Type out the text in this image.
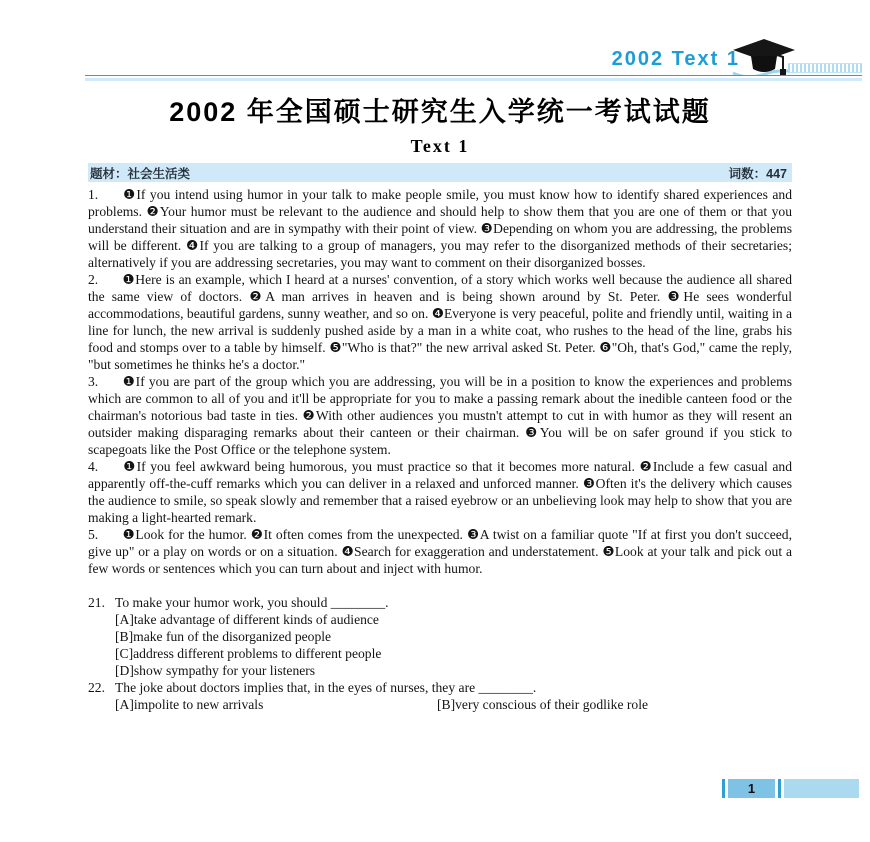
2002 Text 1
2002 年全国硕士研究生入学统一考试试题
Text 1
题材：社会生活类	词数：447

1. ❶If you intend using humor in your talk to make people smile, you must know how to identify shared experiences and problems. ❷Your humor must be relevant to the audience and should help to show them that you are one of them or that you understand their situation and are in sympathy with their point of view. ❸Depending on whom you are addressing, the problems will be different. ❹If you are talking to a group of managers, you may refer to the disorganized methods of their secretaries; alternatively if you are addressing secretaries, you may want to comment on their disorganized bosses.

2. ❶Here is an example, which I heard at a nurses' convention, of a story which works well because the audience all shared the same view of doctors. ❷A man arrives in heaven and is being shown around by St. Peter. ❸He sees wonderful accommodations, beautiful gardens, sunny weather, and so on. ❹Everyone is very peaceful, polite and friendly until, waiting in a line for lunch, the new arrival is suddenly pushed aside by a man in a white coat, who rushes to the head of the line, grabs his food and stomps over to a table by himself. ❺"Who is that?" the new arrival asked St. Peter. ❻"Oh, that's God," came the reply, "but sometimes he thinks he's a doctor."

3. ❶If you are part of the group which you are addressing, you will be in a position to know the experiences and problems which are common to all of you and it'll be appropriate for you to make a passing remark about the inedible canteen food or the chairman's notorious bad taste in ties. ❷With other audiences you mustn't attempt to cut in with humor as they will resent an outsider making disparaging remarks about their canteen or their chairman. ❸You will be on safer ground if you stick to scapegoats like the Post Office or the telephone system.

4. ❶If you feel awkward being humorous, you must practice so that it becomes more natural. ❷Include a few casual and apparently off-the-cuff remarks which you can deliver in a relaxed and unforced manner. ❸Often it's the delivery which causes the audience to smile, so speak slowly and remember that a raised eyebrow or an unbelieving look may help to show that you are making a light-hearted remark.

5. ❶Look for the humor. ❷It often comes from the unexpected. ❸A twist on a familiar quote "If at first you don't succeed, give up" or a play on words or on a situation. ❹Search for exaggeration and understatement. ❺Look at your talk and pick out a few words or sentences which you can turn about and inject with humor.

21. To make your humor work, you should ________.

[A]take advantage of different kinds of audience
[B]make fun of the disorganized people
[C]address different problems to different people
[D]show sympathy for your listeners

22. The joke about doctors implies that, in the eyes of nurses, they are ________.

[A]impolite to new arrivals	[B]very conscious of their godlike role
1
